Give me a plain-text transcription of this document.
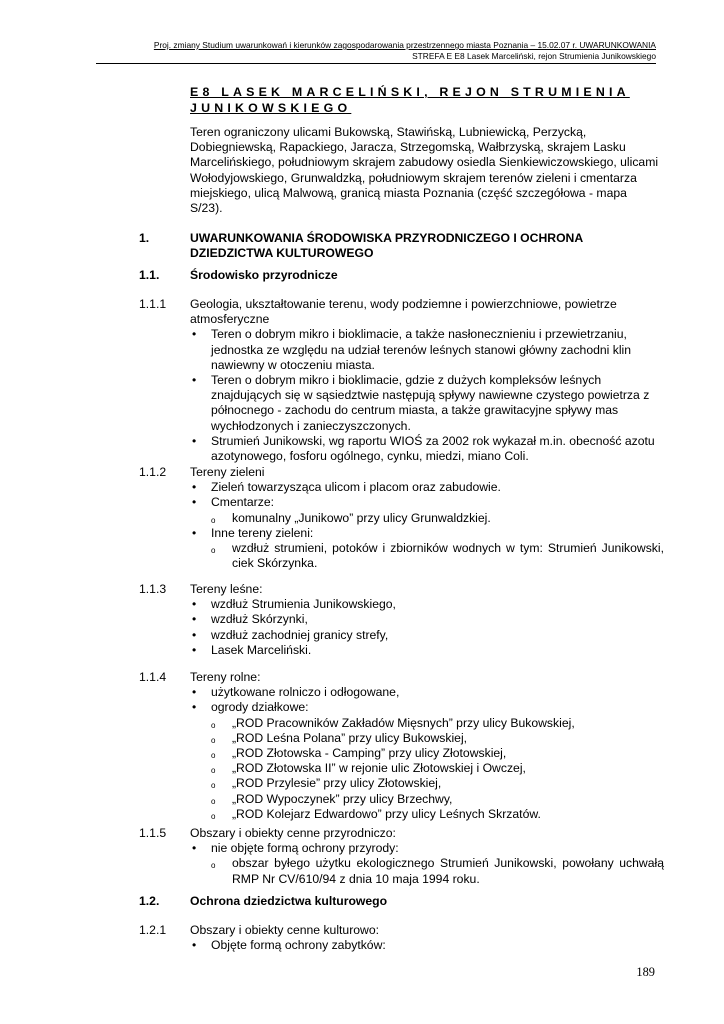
Proj. zmiany Studium uwarunkowań i kierunków zagospodarowania przestrzennego miasta Poznania – 15.02.07 r. UWARUNKOWANIA
STREFA E E8 Lasek Marceliński, rejon Strumienia Junikowskiego
E8 LASEK MARCELIŃSKI, REJON STRUMIENIA
JUNIKOWSKIEGO
Teren ograniczony ulicami Bukowską, Stawińską, Lubniewicką, Perzycką, Dobiegniewską, Rapackiego, Jaracza, Strzegomską, Wałbrzyską, skrajem Lasku Marcelińskiego, południowym skrajem zabudowy osiedla Sienkiewiczowskiego, ulicami Wołodyjowskiego, Grunwaldzką, południowym skrajem terenów zieleni i cmentarza miejskiego, ulicą Malwową, granicą miasta Poznania (część szczegółowa - mapa S/23).
1.	UWARUNKOWANIA ŚRODOWISKA PRZYRODNICZEGO I OCHRONA
DZIEDZICTWA KULTUROWEGO
1.1.	Środowisko przyrodnicze
1.1.1 Geologia, ukształtowanie terenu, wody podziemne i powierzchniowe, powietrze atmosferyczne
• Teren o dobrym mikro i bioklimacie, a także nasłonecznieniu i przewietrzaniu, jednostka ze względu na udział terenów leśnych stanowi główny zachodni klin nawiewny w otoczeniu miasta.
• Teren o dobrym mikro i bioklimacie, gdzie z dużych kompleksów leśnych znajdujących się w sąsiedztwie następują spływy nawiewne czystego powietrza z północnego - zachodu do centrum miasta, a także grawitacyjne spływy mas wychłodzonych i zanieczyszczonych.
• Strumień Junikowski, wg raportu WIOŚ za 2002 rok wykazał m.in. obecność azotu azotynowego, fosforu ogólnego, cynku, miedzi, miano Coli.
1.1.2 Tereny zieleni
• Zieleń towarzysząca ulicom i placom oraz zabudowie.
• Cmentarze:
o komunalny „Junikowo” przy ulicy Grunwaldzkiej.
• Inne tereny zieleni:
o wzdłuż strumieni, potoków i zbiorników wodnych w tym: Strumień Junikowski, ciek Skórzynka.
1.1.3 Tereny leśne:
• wzdłuż Strumienia Junikowskiego,
• wzdłuż Skórzynki,
• wzdłuż zachodniej granicy strefy,
• Lasek Marceliński.
1.1.4 Tereny rolne:
• użytkowane rolniczo i odłogowane,
• ogrody działkowe:
o „ROD Pracowników Zakładów Mięsnych” przy ulicy Bukowskiej,
o „ROD Leśna Polana” przy ulicy Bukowskiej,
o „ROD Złotowska - Camping” przy ulicy Złotowskiej,
o „ROD Złotowska II” w rejonie ulic Złotowskiej i Owczej,
o „ROD Przylesie” przy ulicy Złotowskiej,
o „ROD Wypoczynek” przy ulicy Brzechwy,
o „ROD Kolejarz Edwardowo” przy ulicy Leśnych Skrzatów.
1.1.5 Obszary i obiekty cenne przyrodniczo:
• nie objęte formą ochrony przyrody:
o obszar byłego użytku ekologicznego Strumień Junikowski, powołany uchwałą RMP Nr CV/610/94 z dnia 10 maja 1994 roku.
1.2.	Ochrona dziedzictwa kulturowego
1.2.1 Obszary i obiekty cenne kulturowo:
• Objęte formą ochrony zabytków:
189
